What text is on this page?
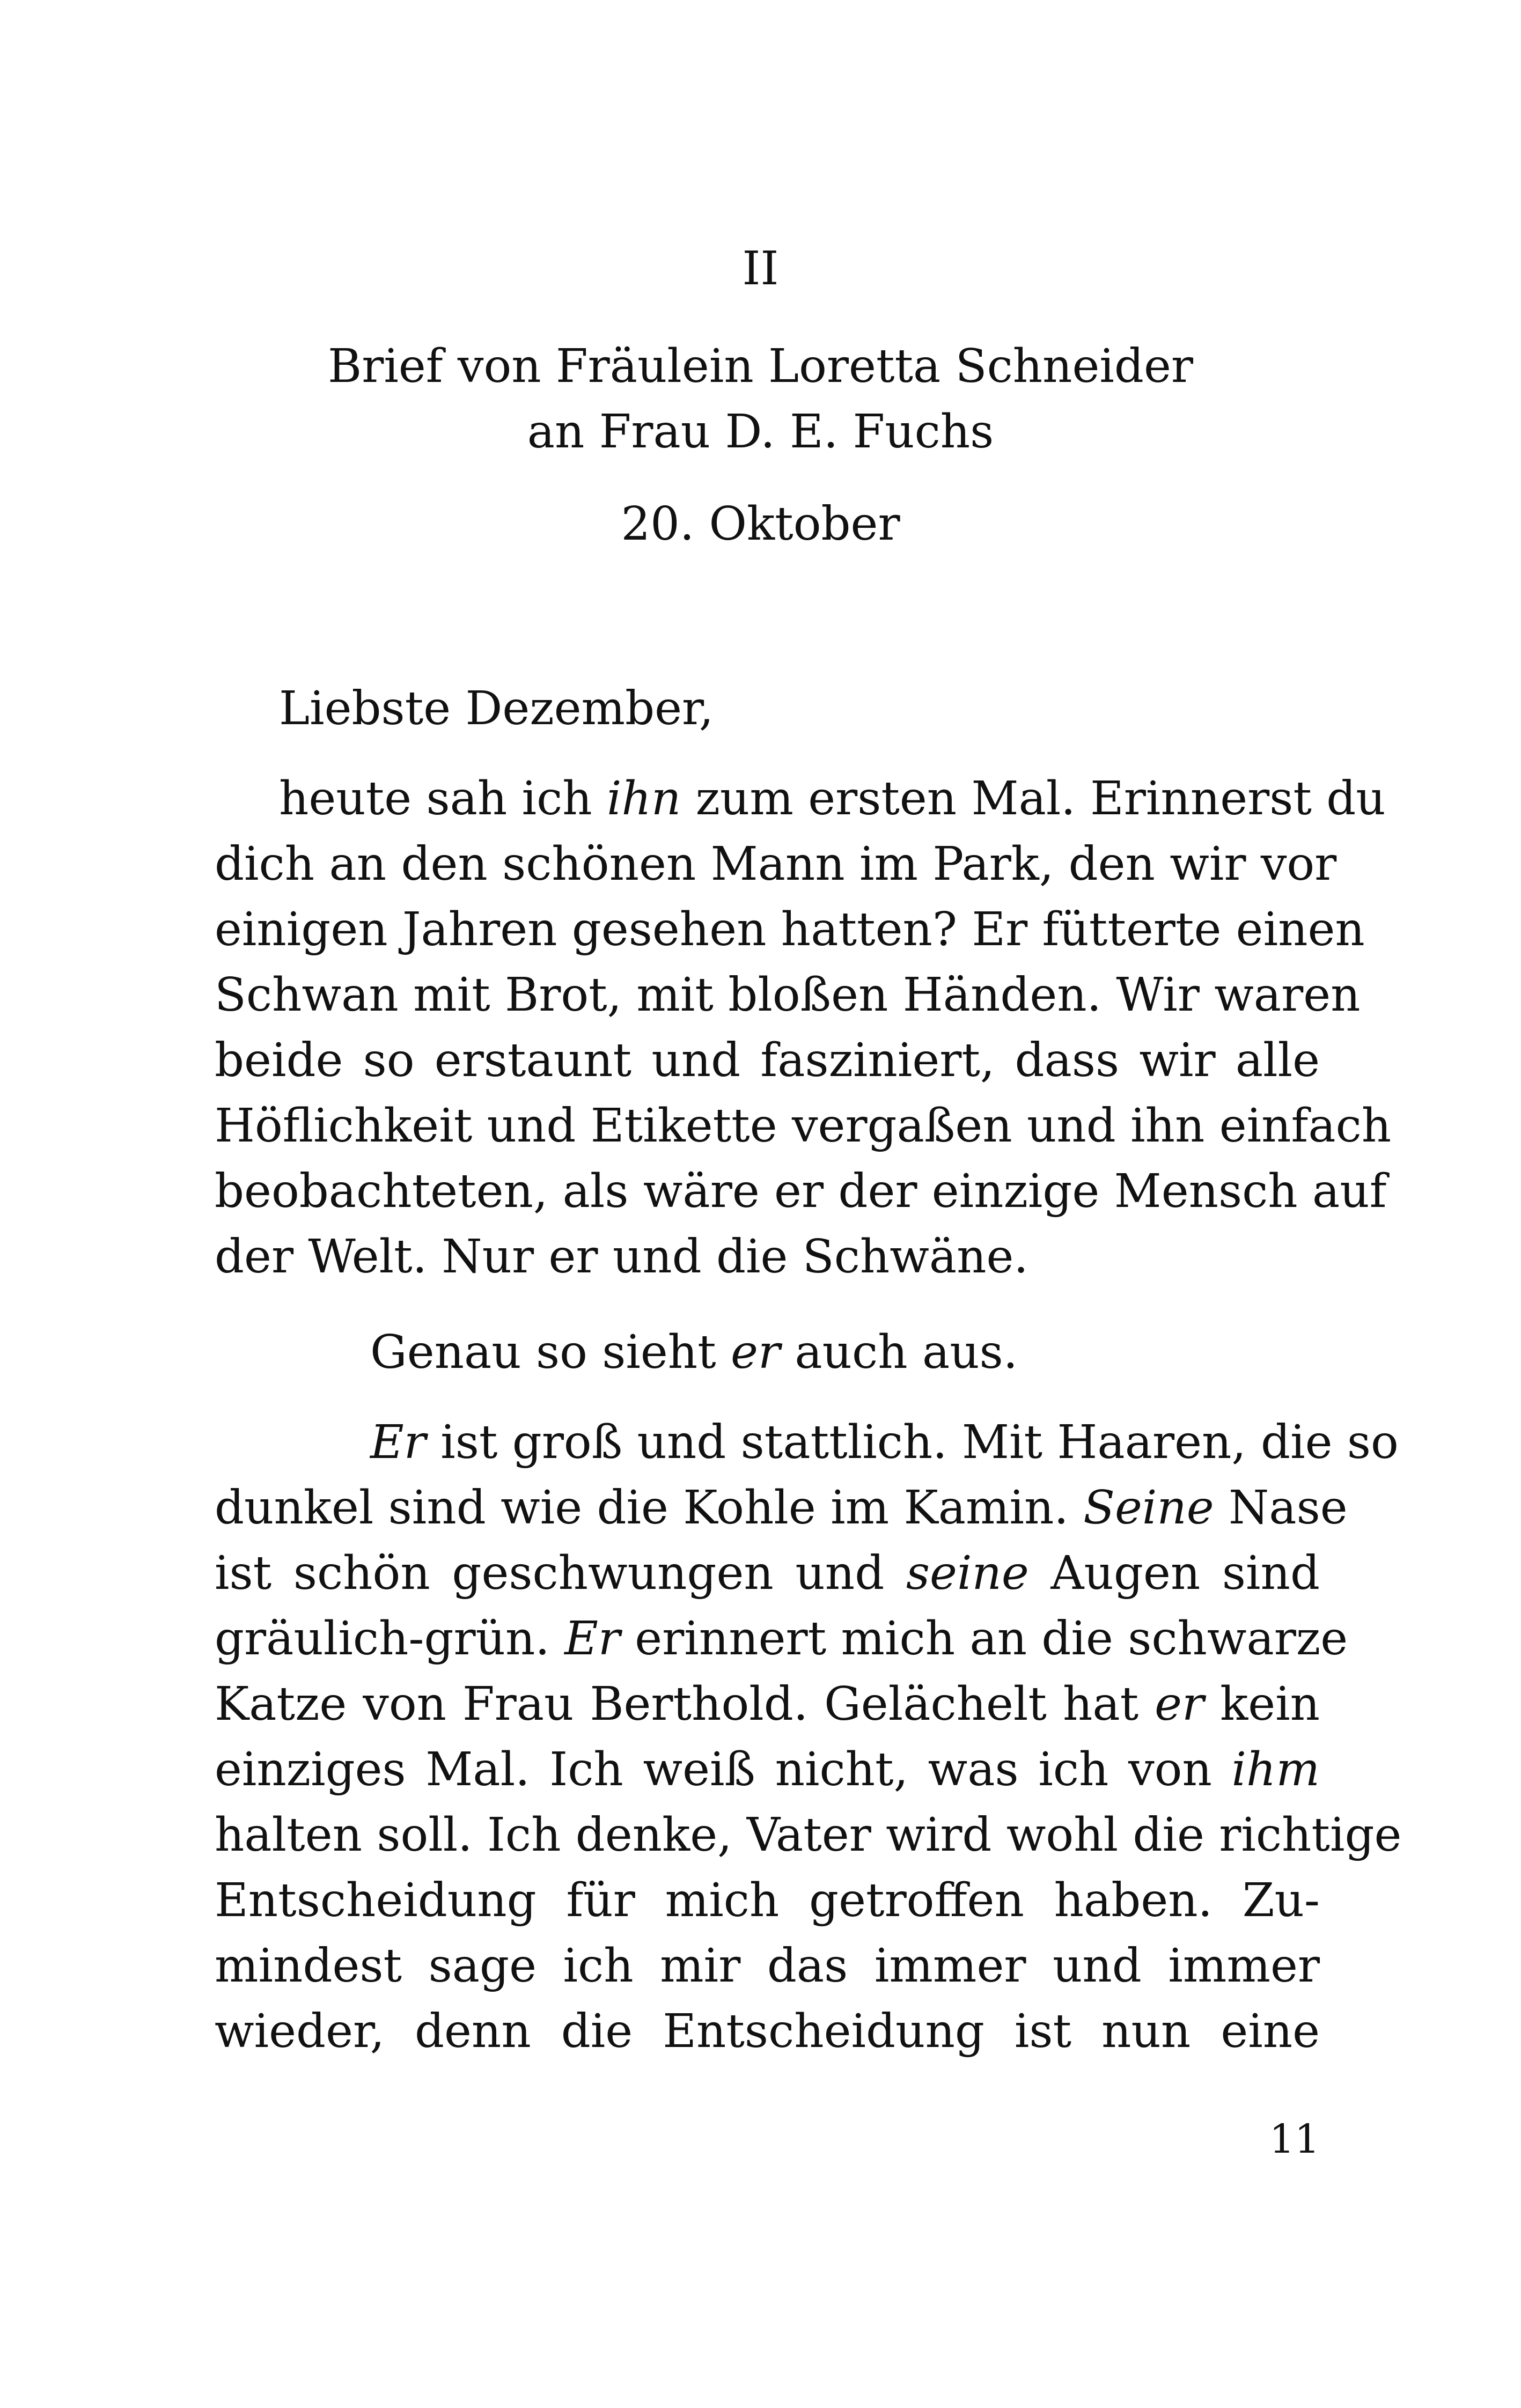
II
Brief von Fräulein Loretta Schneider
an Frau D. E. Fuchs
20. Oktober
Liebste Dezember,
heute sah ich ihn zum ersten Mal. Erinnerst du
dich an den schönen Mann im Park, den wir vor
einigen Jahren gesehen hatten? Er fütterte einen
Schwan mit Brot, mit bloßen Händen. Wir waren
beide so erstaunt und fasziniert, dass wir alle
Höflichkeit und Etikette vergaßen und ihn einfach
beobachteten, als wäre er der einzige Mensch auf
der Welt. Nur er und die Schwäne.
Genau so sieht er auch aus.
Er ist groß und stattlich. Mit Haaren, die so
dunkel sind wie die Kohle im Kamin. Seine Nase
ist schön geschwungen und seine Augen sind
gräulich-grün. Er erinnert mich an die schwarze
Katze von Frau Berthold. Gelächelt hat er kein
einziges Mal. Ich weiß nicht, was ich von ihm
halten soll. Ich denke, Vater wird wohl die richtige
Entscheidung für mich getroffen haben. Zu-
mindest sage ich mir das immer und immer
wieder, denn die Entscheidung ist nun eine
11
